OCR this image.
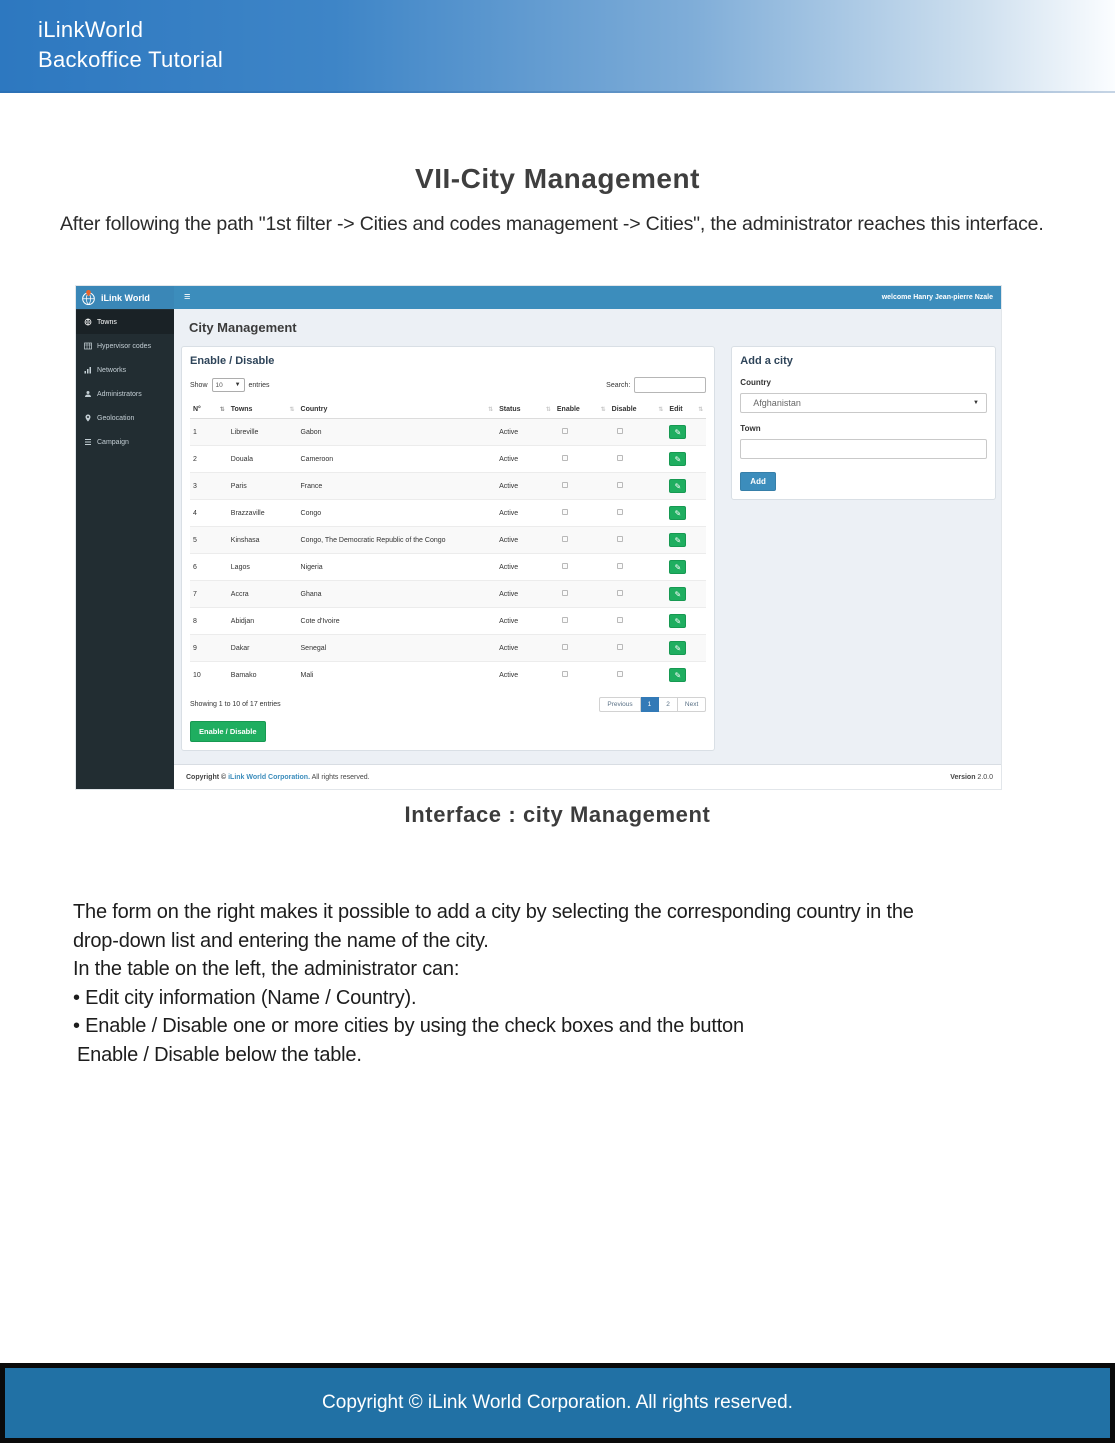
iLinkWorld
Backoffice Tutorial
VII-City Management
After following the path "1st filter -> Cities and codes management -> Cities", the administrator reaches this interface.
iLink World	≡	welcome Hanry Jean-pierre Nzale
Towns
Hypervisor codes
Networks
Administrators
Geolocation
Campaign
City Management
Enable / Disable
Show 10 ▼ entries	Search:
N° ⇅	Towns ⇅	Country ⇅	Status ⇅	Enable ⇅	Disable ⇅	Edit ⇅

1	Libreville	Gabon	Active			✎

2	Douala	Cameroon	Active			✎

3	Paris	France	Active			✎

4	Brazzaville	Congo	Active			✎

5	Kinshasa	Congo, The Democratic Republic of the Congo	Active			✎

6	Lagos	Nigeria	Active			✎

7	Accra	Ghana	Active			✎

8	Abidjan	Cote d'Ivoire	Active			✎

9	Dakar	Senegal	Active			✎

10	Bamako	Mali	Active			✎
Showing 1 to 10 of 17 entries	Previous	1	2	Next
Enable / Disable
Add a city
Country
Afghanistan	▼
Town
Add
Copyright © iLink World Corporation. All rights reserved.	Version 2.0.0
Interface : city Management
The form on the right makes it possible to add a city by selecting the corresponding country in the
drop-down list and entering the name of the city.
In the table on the left, the administrator can:
• Edit city information (Name / Country).
• Enable / Disable one or more cities by using the check boxes and the button
Enable / Disable below the table.
Copyright © iLink World Corporation. All rights reserved.
